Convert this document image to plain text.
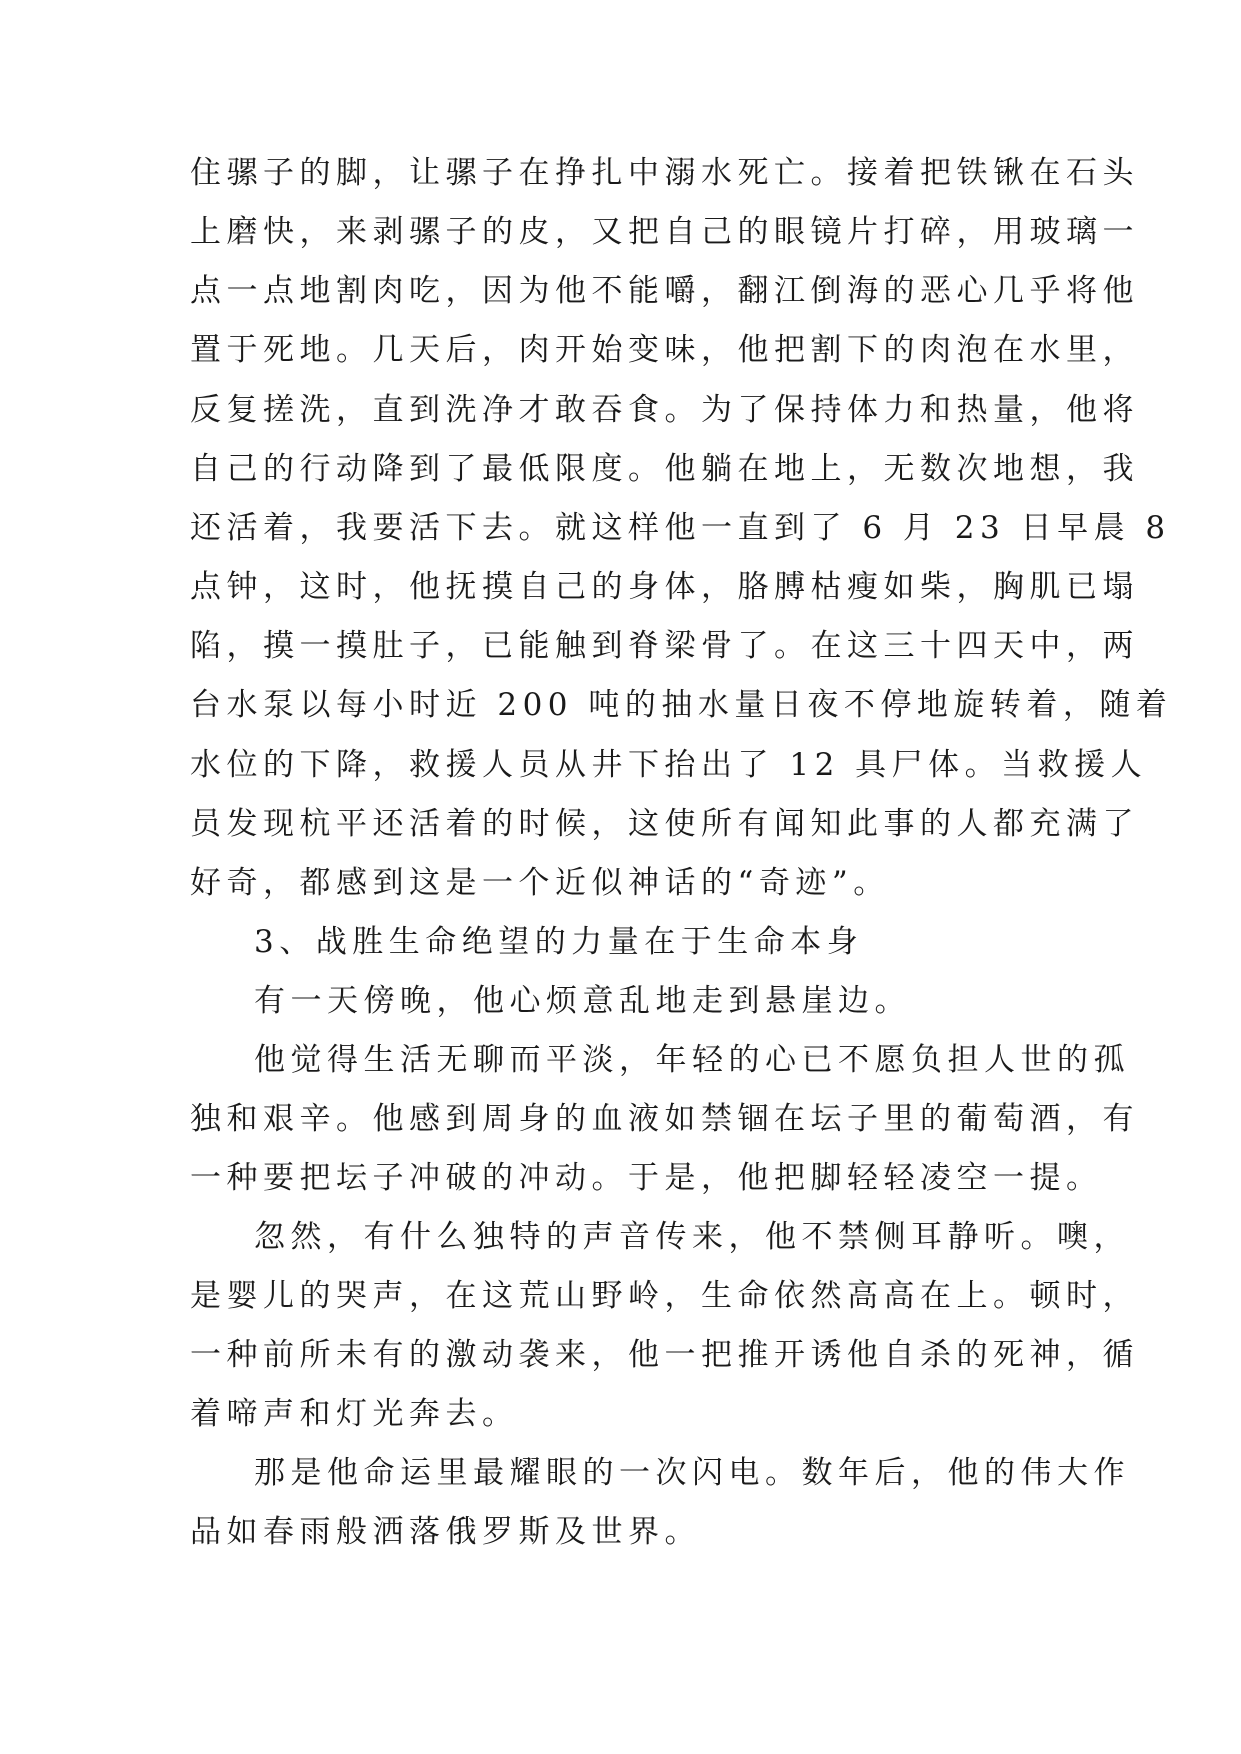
住骡子的脚，让骡子在挣扎中溺水死亡。接着把铁锹在石头
上磨快，来剥骡子的皮，又把自己的眼镜片打碎，用玻璃一
点一点地割肉吃，因为他不能嚼，翻江倒海的恶心几乎将他
置于死地。几天后，肉开始变味，他把割下的肉泡在水里，
反复搓洗，直到洗净才敢吞食。为了保持体力和热量，他将
自己的行动降到了最低限度。他躺在地上，无数次地想，我
还活着，我要活下去。就这样他一直到了 6 月 23 日早晨 8
点钟，这时，他抚摸自己的身体，胳膊枯瘦如柴，胸肌已塌
陷，摸一摸肚子，已能触到脊梁骨了。在这三十四天中，两
台水泵以每小时近 200 吨的抽水量日夜不停地旋转着，随着
水位的下降，救援人员从井下抬出了 12 具尸体。当救援人
员发现杭平还活着的时候，这使所有闻知此事的人都充满了
好奇，都感到这是一个近似神话的“奇迹”。
3、战胜生命绝望的力量在于生命本身
有一天傍晚，他心烦意乱地走到悬崖边。
他觉得生活无聊而平淡，年轻的心已不愿负担人世的孤
独和艰辛。他感到周身的血液如禁锢在坛子里的葡萄酒，有
一种要把坛子冲破的冲动。于是，他把脚轻轻凌空一提。
忽然，有什么独特的声音传来，他不禁侧耳静听。噢，
是婴儿的哭声，在这荒山野岭，生命依然高高在上。顿时，
一种前所未有的激动袭来，他一把推开诱他自杀的死神，循
着啼声和灯光奔去。
那是他命运里最耀眼的一次闪电。数年后，他的伟大作
品如春雨般洒落俄罗斯及世界。
